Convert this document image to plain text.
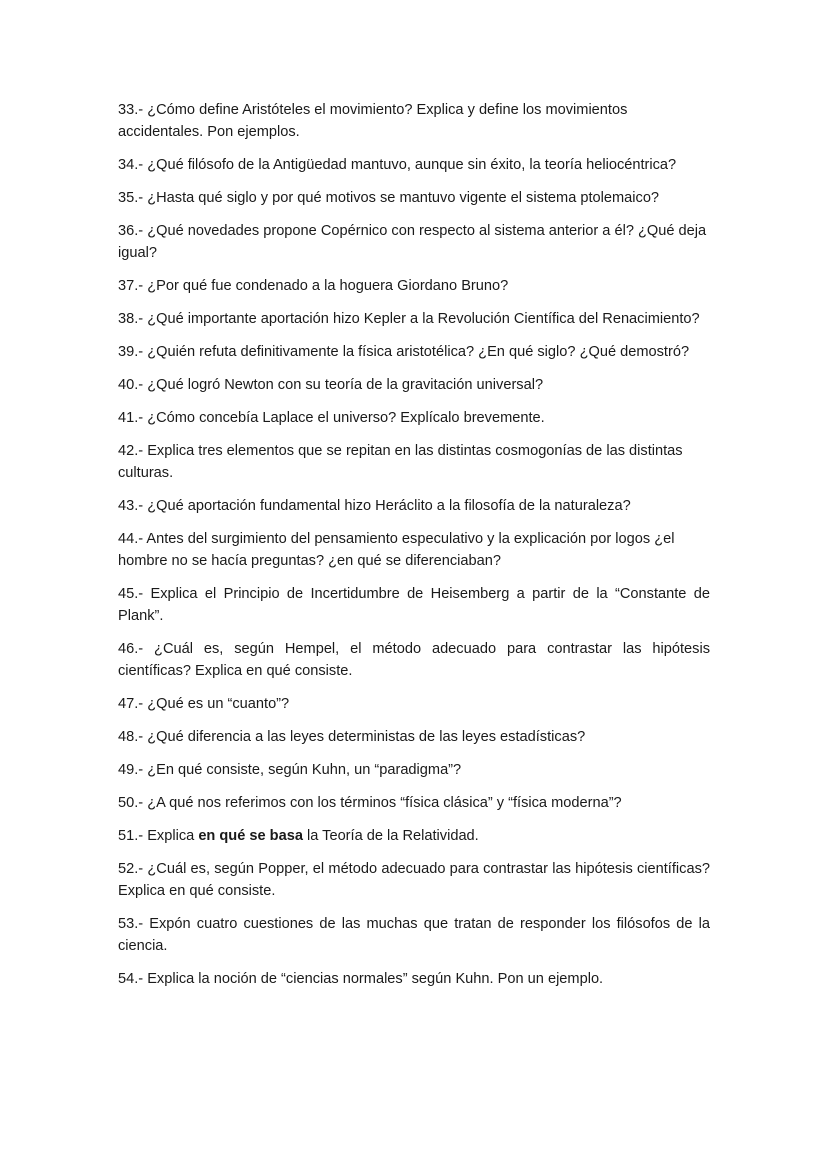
33.- ¿Cómo define Aristóteles el movimiento? Explica y define los movimientos accidentales. Pon ejemplos.

34.- ¿Qué filósofo de la Antigüedad mantuvo, aunque sin éxito, la teoría heliocéntrica?

35.- ¿Hasta qué siglo y por qué motivos se mantuvo vigente el sistema ptolemaico?

36.- ¿Qué novedades propone Copérnico con respecto al sistema anterior a él? ¿Qué deja igual?

37.- ¿Por qué fue condenado a la hoguera Giordano Bruno?

38.- ¿Qué importante aportación hizo Kepler a la Revolución Científica del Renacimiento?

39.- ¿Quién refuta definitivamente la física aristotélica? ¿En qué siglo? ¿Qué demostró?

40.- ¿Qué logró Newton con su teoría de la gravitación universal?

41.- ¿Cómo concebía Laplace el universo? Explícalo brevemente.

42.- Explica tres elementos que se repitan en las distintas cosmogonías de las distintas culturas.

43.- ¿Qué aportación fundamental hizo Heráclito a la filosofía de la naturaleza?

44.- Antes del surgimiento del pensamiento especulativo y la explicación por logos ¿el hombre no se hacía preguntas? ¿en qué se diferenciaban?

45.- Explica el Principio de Incertidumbre de Heisemberg a partir de la “Constante de Plank”.

46.- ¿Cuál es, según Hempel, el método adecuado para contrastar las hipótesis científicas? Explica en qué consiste.

47.- ¿Qué es un “cuanto”?

48.- ¿Qué diferencia a las leyes deterministas de las leyes estadísticas?

49.- ¿En qué consiste, según Kuhn, un “paradigma”?

50.- ¿A qué nos referimos con los términos “física clásica” y “física moderna”?

51.- Explica en qué se basa la Teoría de la Relatividad.

52.- ¿Cuál es, según Popper, el método adecuado para contrastar las hipótesis científicas? Explica en qué consiste.

53.- Expón cuatro cuestiones de las muchas que tratan de responder los filósofos de la ciencia.

54.- Explica la noción de “ciencias normales” según Kuhn. Pon un ejemplo.
